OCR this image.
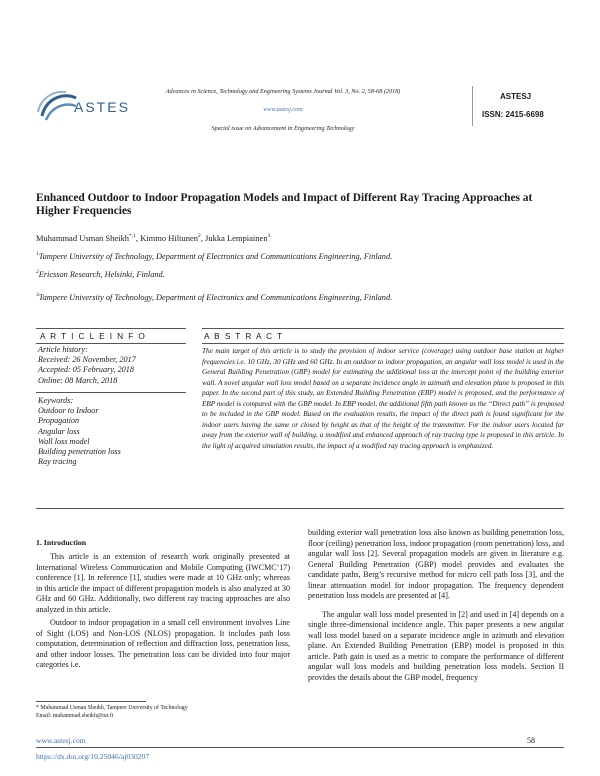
ASTES
Advances in Science, Technology and Engineering Systems Journal Vol. 3, No. 2, 58-68 (2018)
www.astesj.com
Special issue on Advancement in Engineering Technology
ASTESJ
ISSN: 2415-6698
Enhanced Outdoor to Indoor Propagation Models and Impact of Different Ray Tracing Approaches at Higher Frequencies
Muhammad Usman Sheikh$^{*,1}$, Kimmo Hiltunen$^2$, Jukka Lempiainen$^3$
$^1$Tampere University of Technology, Department of Electronics and Communications Engineering, Finland.
$^2$Ericsson Research, Helsinki, Finland.
$^3$Tampere University of Technology, Department of Electronics and Communications Engineering, Finland.
A R T I C L E I N F O	A B S T R A C T
Article history:
Received: 26 November, 2017
Accepted: 05 February, 2018
Online: 08 March, 2018
Keywords:
Outdoor to Indoor
Propagation
Angular loss
Wall loss model
Building penetration loss
Ray tracing
The main target of this article is to study the provision of indoor service (coverage) using outdoor base station at higher frequencies i.e. 10 GHz, 30 GHz and 60 GHz. In an outdoor to indoor propagation, an angular wall loss model is used in the General Building Penetration (GBP) model for estimating the additional loss at the intercept point of the building exterior wall. A novel angular wall loss model based on a separate incidence angle in azimuth and elevation plane is proposed in this paper. In the second part of this study, an Extended Building Penetration (EBP) model is proposed, and the performance of EBP model is compared with the GBP model. In EBP model, the additional fifth path known as the “Direct path” is proposed to be included in the GBP model. Based on the evaluation results, the impact of the direct path is found significant for the indoor users having the same or closed by height as that of the height of the transmitter. For the indoor users located far away from the exterior wall of building, a modified and enhanced approach of ray tracing type is proposed in this article. In the light of acquired simulation results, the impact of a modified ray tracing approach is emphasized.
1. Introduction

This article is an extension of research work originally presented at International Wireless Communication and Mobile Computing (IWCMC’17) conference [1]. In reference [1], studies were made at 10 GHz only; whereas in this article the impact of different propagation models is also analyzed at 30 GHz and 60 GHz. Additionally, two different ray tracing approaches are also analyzed in this article.

Outdoor to indoor propagation in a small cell environment involves Line of Sight (LOS) and Non-LOS (NLOS) propagation. It includes path loss computation, determination of reflection and diffraction loss, penetration loss, and other indoor losses. The penetration loss can be divided into four major categories i.e.

building exterior wall penetration loss also known as building penetration loss, floor (ceiling) penetration loss, indoor propagation (room penetration) loss, and angular wall loss [2]. Several propagation models are given in literature e.g. General Building Penetration (GBP) model provides and evaluates the candidate paths, Berg’s recursive method for micro cell path loss [3], and the linear attenuation model for indoor propagation. The frequency dependent penetration loss models are presented at [4].

The angular wall loss model presented in [2] and used in [4] depends on a single three-dimensional incidence angle. This paper presents a new angular wall loss model based on a separate incidence angle in azimuth and elevation plane. An Extended Building Penetration (EBP) model is proposed in this article. Path gain is used as a metric to compare the performance of different angular wall loss models and building penetration loss models. Section II provides the details about the GBP model, frequency

* Muhammad Usman Sheikh, Tampere University of Technology
Email: muhammad.sheikh@tut.fi
www.astesj.com
https://dx.doi.org/10.25046/aj030207
58
